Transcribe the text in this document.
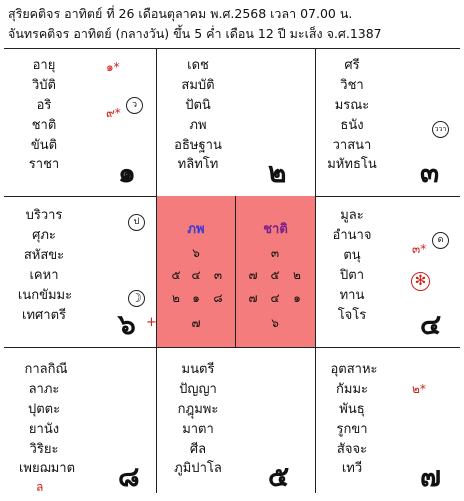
สุริยคติจร อาทิตย์ ที่ 26 เดือนตุลาคม พ.ศ.2568 เวลา 07.00 น.
จันทรคติจร อาทิตย์ (กลางวัน) ขึ้น 5 ค่ำ เดือน 12 ปี มะเส็ง จ.ศ.1387
อายุ
วิบัติ
อริ
ชาติ
ขันติ
ราชา
๑*
๙*
ว
๑
เดช
สมบัติ
ปัตนิ
ภพ
อธิษฐาน
ทลิทโท	๒
ศรี
วิชา
มรณะ
ธนัง
วาสนา
มหัทธโน
ววา
๓
บริวาร
ศุภะ
สหัสขะ
เคหา
เนกขัมมะ
เทศาตรี
ป
☽
๖ +
ภพ
๖
๕ ๔ ๓
๒ ๑ ๘
๗
ชาติ
๓
๗ ๕ ๒
๗ ๔ ๑
๖
มูละ
อำนาจ
ตนุ
ปิตา
ทาน
โจโร
๓*
ด
✻
๔
กาลกิณี
ลาภะ
ปุตตะ
ยานัง
วิริยะ
เพยฌมาต
ล	๘
มนตรี
ปัญญา
กฎุมพะ
มาตา
ศีล
ภูมิปาโล ๕
อุตสาหะ
กัมมะ
พันธุ
รูกขา
สัจจะ
เทวี
๒*
๗
